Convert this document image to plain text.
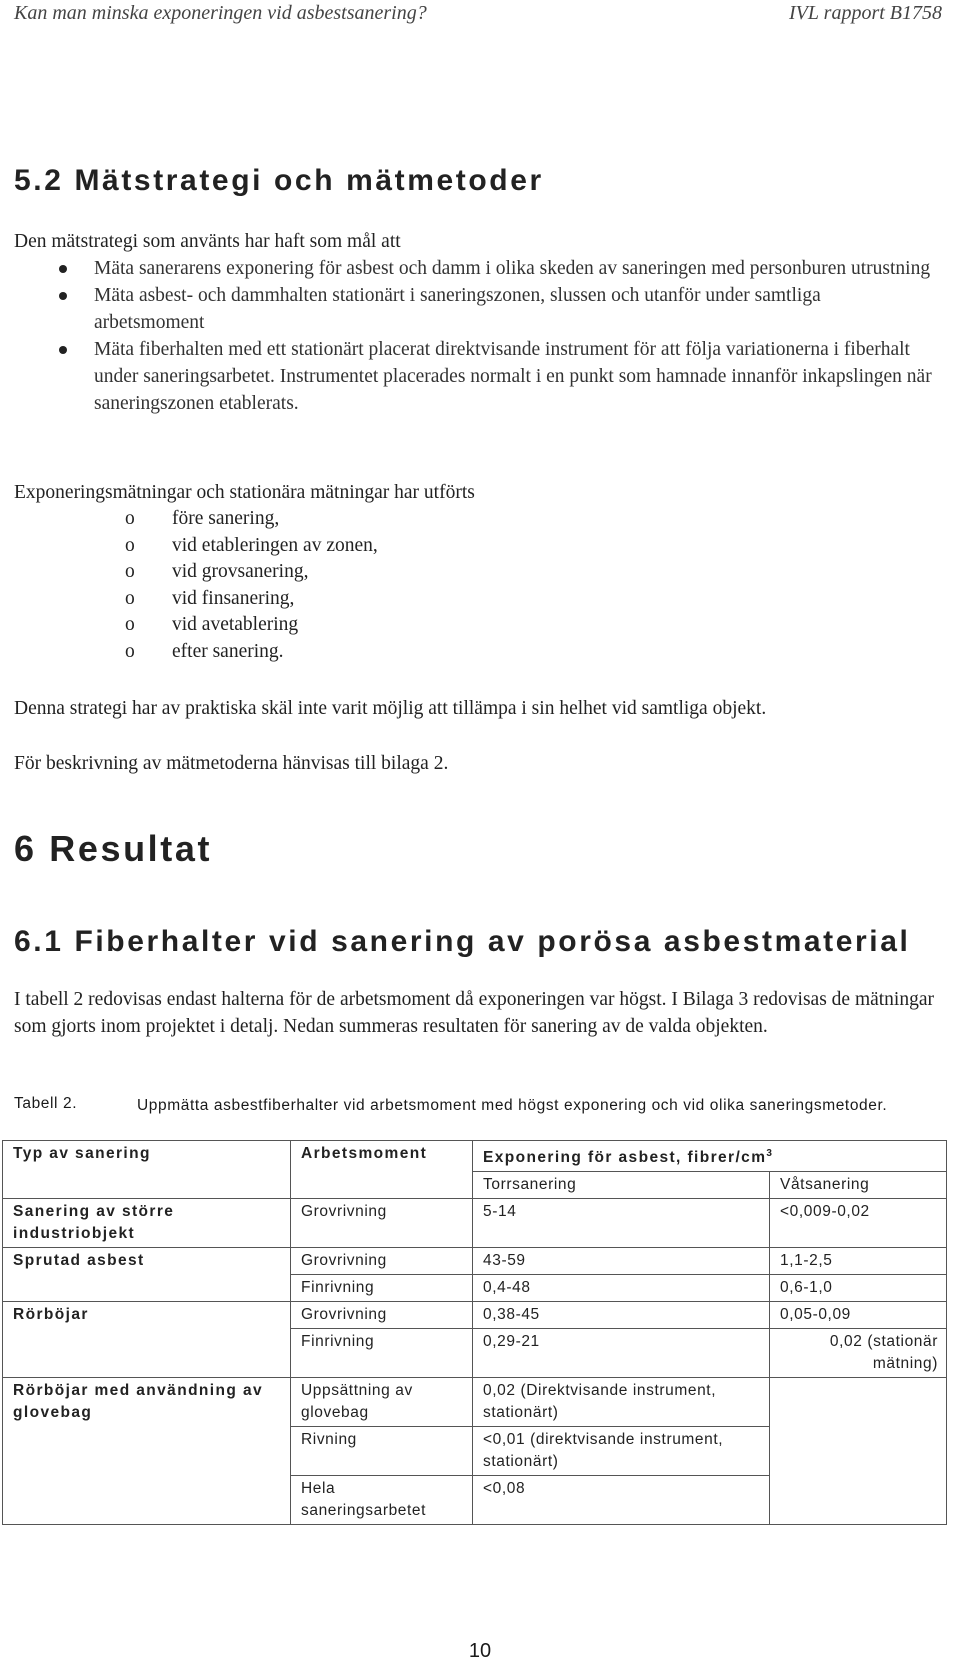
Kan man minska exponeringen vid asbestsanering?	IVL rapport B1758
5.2 Mätstrategi och mätmetoder
Den mätstrategi som använts har haft som mål att
Mäta sanerarens exponering för asbest och damm i olika skeden av saneringen med personburen utrustning
Mäta asbest- och dammhalten stationärt i saneringszonen, slussen och utanför under samtliga arbetsmoment
Mäta fiberhalten med ett stationärt placerat direktvisande instrument för att följa variationerna i fiberhalt under saneringsarbetet. Instrumentet placerades normalt i en punkt som hamnade innanför inkapslingen när saneringszonen etablerats.
Exponeringsmätningar och stationära mätningar har utförts
o före sanering,
o vid etableringen av zonen,
o vid grovsanering,
o vid finsanering,
o vid avetablering
o efter sanering.
Denna strategi har av praktiska skäl inte varit möjlig att tillämpa i sin helhet vid samtliga objekt.
För beskrivning av mätmetoderna hänvisas till bilaga 2.
6 Resultat
6.1 Fiberhalter vid sanering av porösa asbestmaterial
I tabell 2 redovisas endast halterna för de arbetsmoment då exponeringen var högst. I Bilaga 3 redovisas de mätningar som gjorts inom projektet i detalj. Nedan summeras resultaten för sanering av de valda objekten.
Tabell 2.	Uppmätta asbestfiberhalter vid arbetsmoment med högst exponering och vid olika saneringsmetoder.
Typ av sanering	Arbetsmoment	Exponering för asbest, fibrer/$cm^3$
		Torrsanering	Våtsanering
Sanering av större industriobjekt	Grovrivning	5-14	<0,009-0,02
Sprutad asbest	Grovrivning	43-59	1,1-2,5
	Finrivning	0,4-48	0,6-1,0
Rörböjar	Grovrivning	0,38-45	0,05-0,09
	Finrivning	0,29-21	0,02 (stationär mätning)
Rörböjar med användning av glovebag	Uppsättning av glovebag	0,02 (Direktvisande instrument, stationärt)	
	Rivning	<0,01 (direktvisande instrument, stationärt)	
	Hela saneringsarbetet	<0,08	
10
